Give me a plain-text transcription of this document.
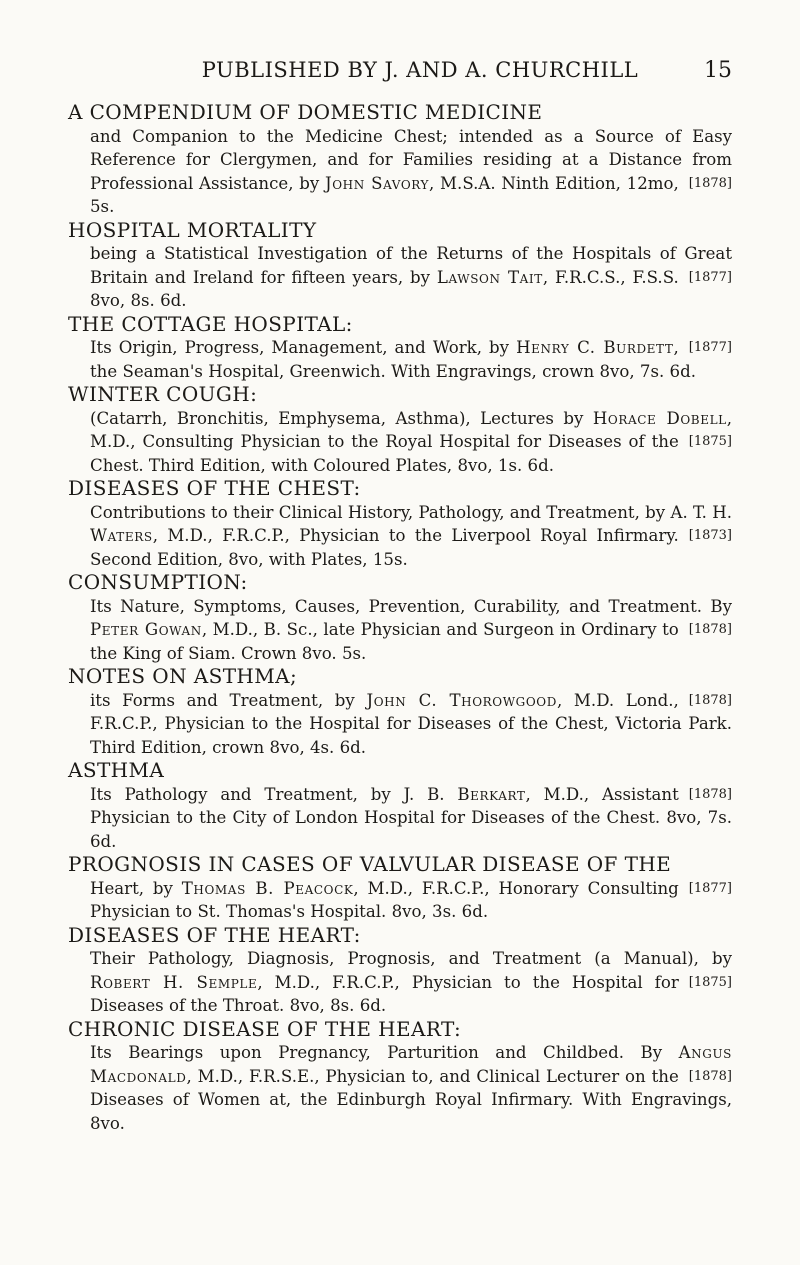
PUBLISHED BY J. AND A. CHURCHILL	15

A COMPENDIUM OF DOMESTIC MEDICINE

and Companion to the Medicine Chest; intended as a Source of Easy Reference for Clergymen, and for Families residing at a Distance from Professional Assistance, by John Savory	[1878]
, M.S.A. Ninth Edition, 12mo, 5s.

HOSPITAL MORTALITY

being a Statistical Investigation of the Returns of the Hospitals of Great Britain and Ireland for fifteen years, by Lawson Tait	[1877]
, F.R.C.S., F.S.S. 8vo, 8s. 6d.

THE COTTAGE HOSPITAL:

Its Origin, Progress, Management, and Work, by Henry C. Burdett [1877]
, the Seaman's Hospital, Greenwich. With Engravings, crown 8vo, 7s. 6d.

WINTER COUGH:

(Catarrh, Bronchitis, Emphysema, Asthma), Lectures by Horace Dobell
[1875]
, M.D., Consulting Physician to the Royal Hospital for Diseases of the Chest. Third Edition, with Coloured Plates, 8vo, 1s. 6d.

DISEASES OF THE CHEST:

Contributions to their Clinical History, Pathology, and Treatment, by A. T. H. Waters	[1873]
, M.D., F.R.C.P., Physician to the Liverpool Royal Infirmary. Second Edition, 8vo, with Plates, 15s.

CONSUMPTION:

Its Nature, Symptoms, Causes, Prevention, Curability, and Treatment. By Peter Gowan	[1878]
, M.D., B. Sc., late Physician and Surgeon in Ordinary to the King of Siam. Crown 8vo. 5s.

NOTES ON ASTHMA;

its Forms and Treatment, by John C. Thorowgood	[1878]
, M.D. Lond., F.R.C.P., Physician to the Hospital for Diseases of the Chest, Victoria Park. Third Edition, crown 8vo, 4s. 6d.

ASTHMA

Its Pathology and Treatment, by J. B. Berkart	[1878]
, M.D., Assistant Physician to the City of London Hospital for Diseases of the Chest. 8vo, 7s. 6d.

PROGNOSIS IN CASES OF VALVULAR DISEASE OF THE

Heart, by Thomas B. Peacock	[1877]
, M.D., F.R.C.P., Honorary Consulting Physician to St. Thomas's Hospital. 8vo, 3s. 6d.

DISEASES OF THE HEART:

Their Pathology, Diagnosis, Prognosis, and Treatment (a Manual), by Robert H. Semple	[1875]
, M.D., F.R.C.P., Physician to the Hospital for Diseases of the Throat. 8vo, 8s. 6d.

CHRONIC DISEASE OF THE HEART:

Its Bearings upon Pregnancy, Parturition and Childbed. By Angus Macdonald	[1878]
, M.D., F.R.S.E., Physician to, and Clinical Lecturer on the Diseases of Women at, the Edinburgh Royal Infirmary. With Engravings, 8vo.
